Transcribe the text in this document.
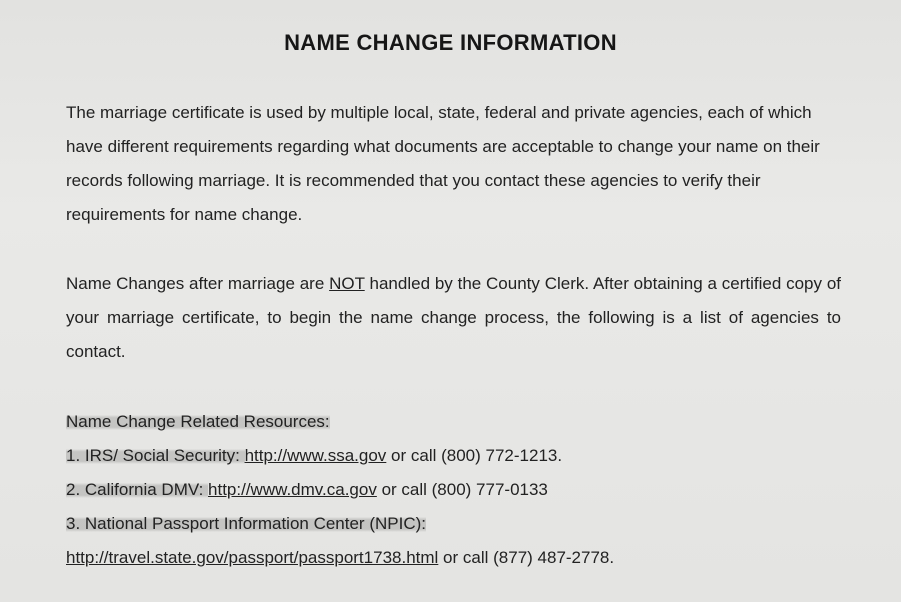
NAME CHANGE INFORMATION

The marriage certificate is used by multiple local, state, federal and private agencies, each of which have different requirements regarding what documents are acceptable to change your name on their records following marriage. It is recommended that you contact these agencies to verify their requirements for name change.

Name Changes after marriage are NOT handled by the County Clerk. After obtaining a certified copy of your marriage certificate, to begin the name change process, the following is a list of agencies to contact.

Name Change Related Resources:
1. IRS/ Social Security: http://www.ssa.gov or call (800) 772-1213.
2. California DMV: http://www.dmv.ca.gov or call (800) 777-0133
3. National Passport Information Center (NPIC):
http://travel.state.gov/passport/passport1738.html or call (877) 487-2778.
